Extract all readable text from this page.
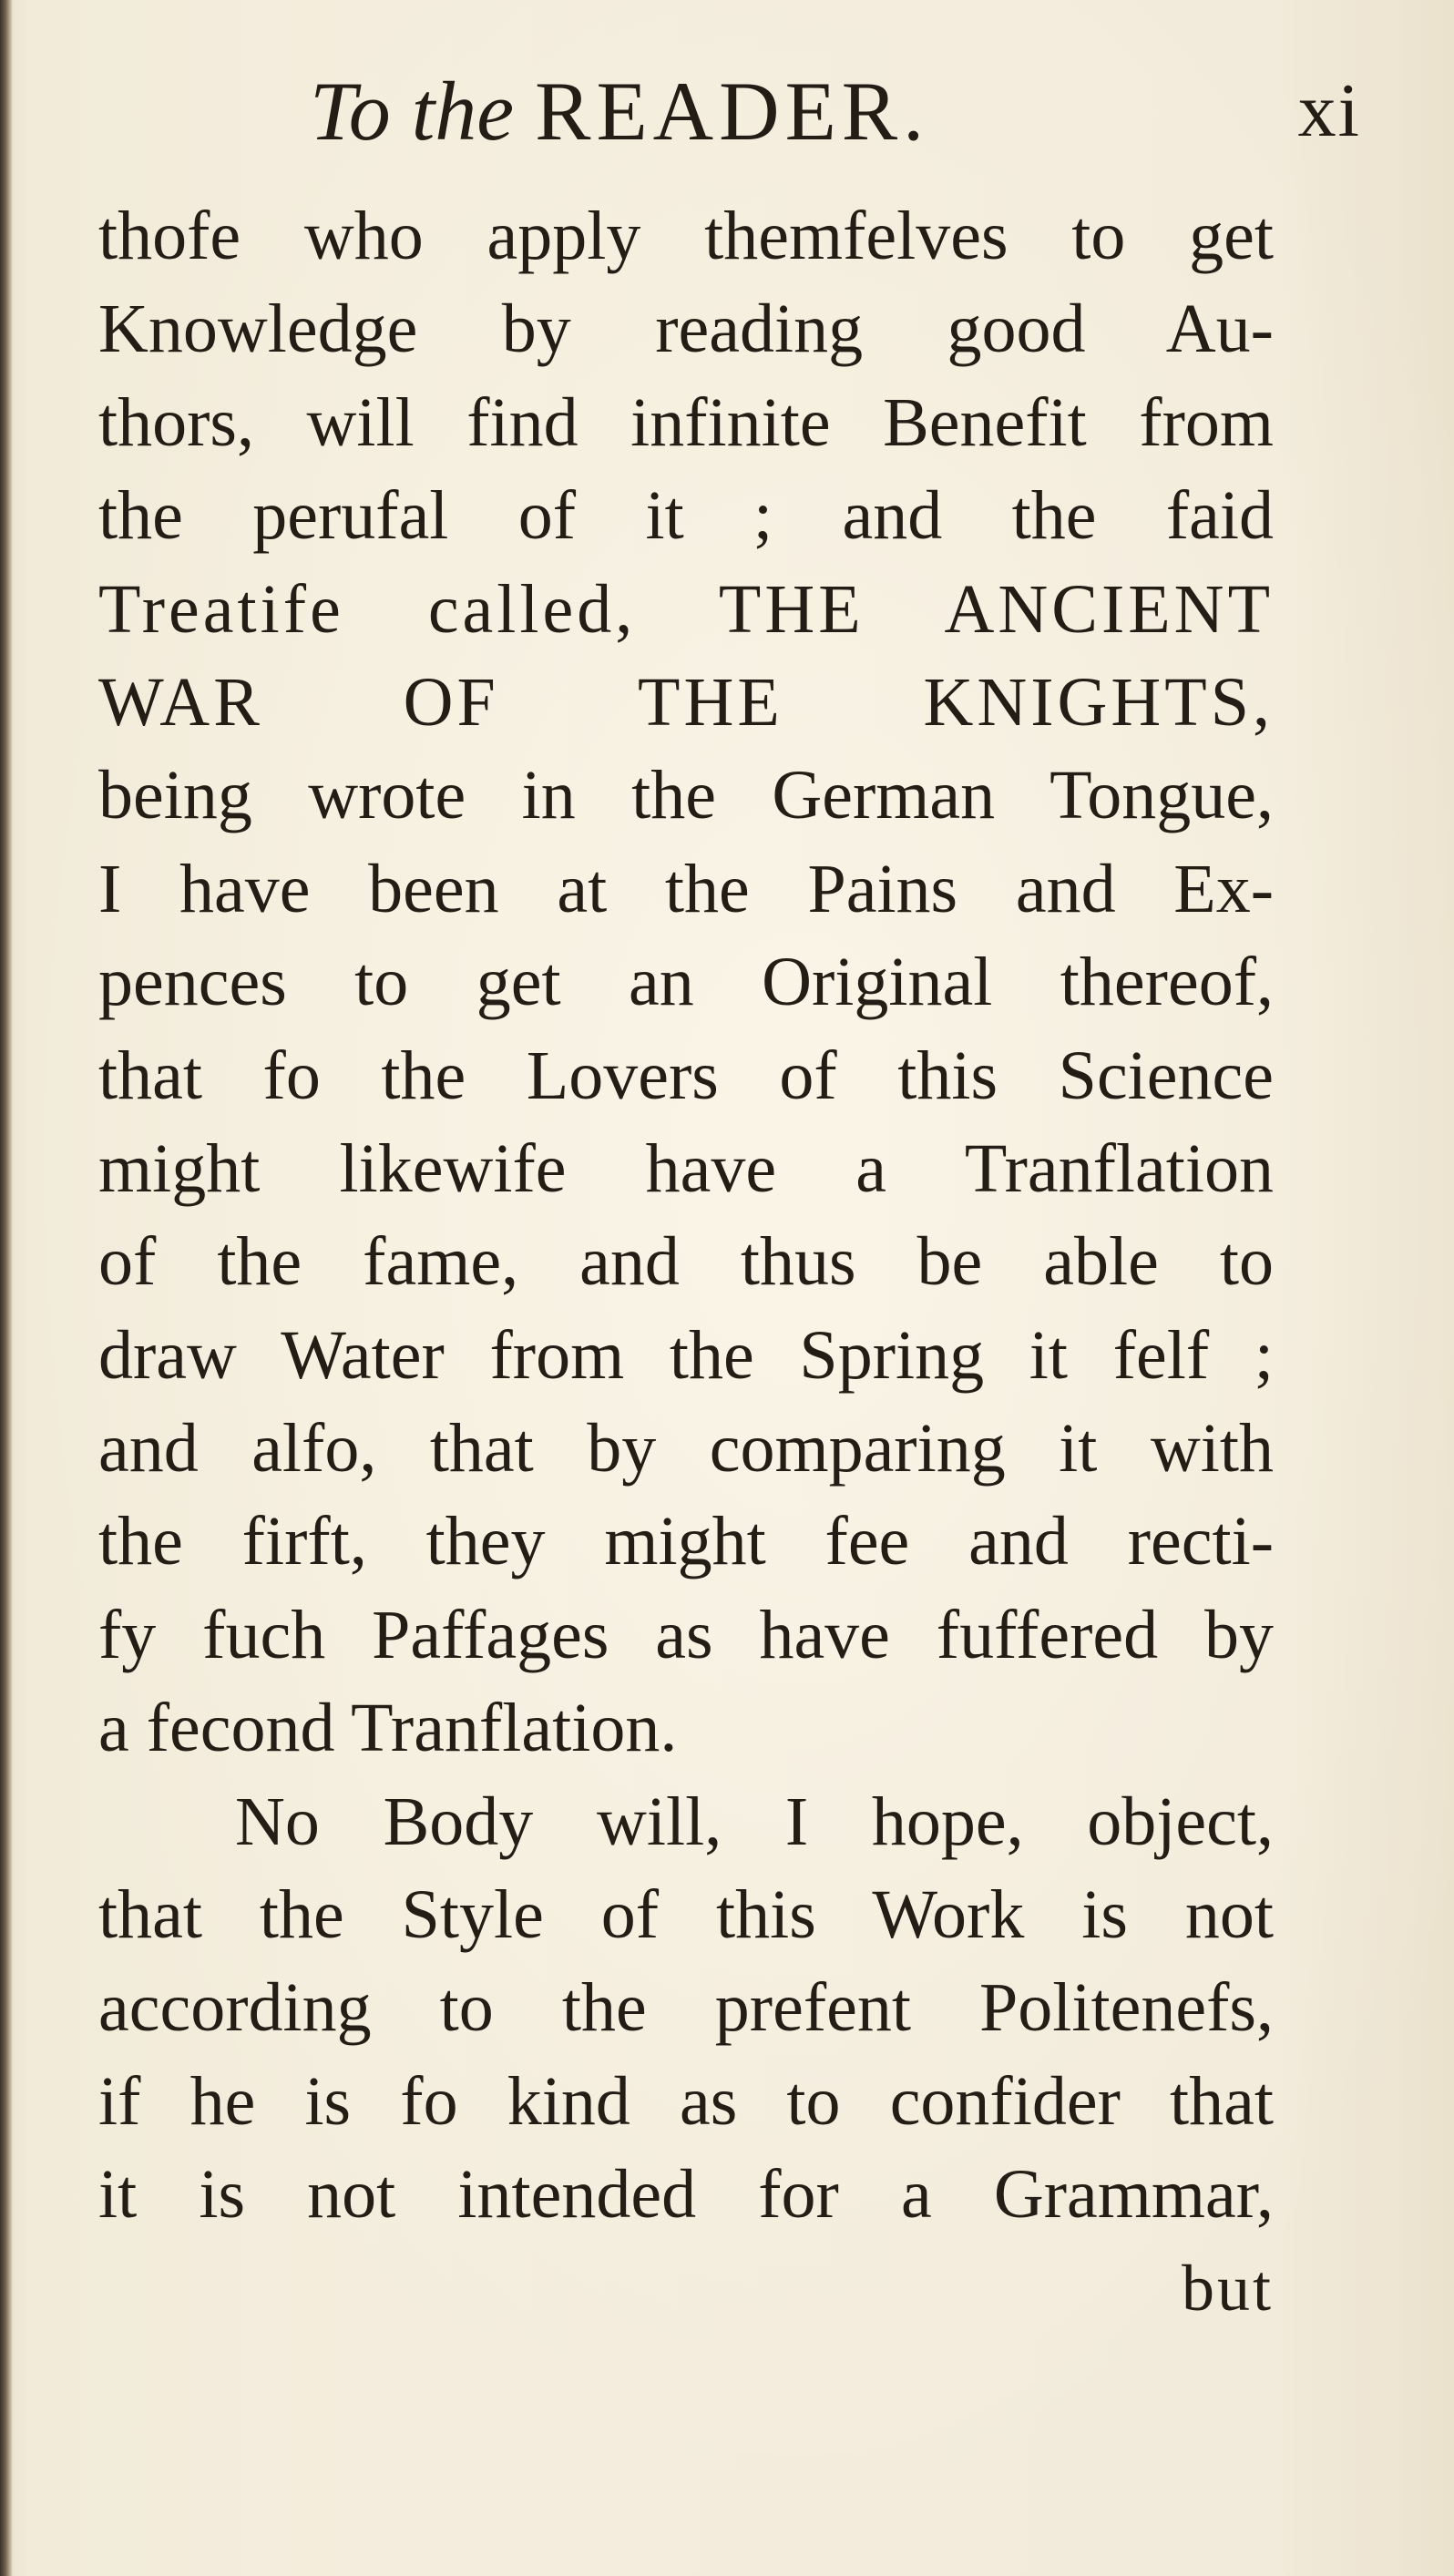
To the READER.	xi
thofe who apply themfelves to get
Knowledge by reading good Au-
thors, will find infinite Benefit from
the perufal of it ; and the faid
Treatife called, THE ANCIENT
WAR OF THE KNIGHTS,
being wrote in the German Tongue,
I have been at the Pains and Ex-
pences to get an Original thereof,
that fo the Lovers of this Science
might likewife have a Tranflation
of the fame, and thus be able to
draw Water from the Spring it felf ;
and alfo, that by comparing it with
the firft, they might fee and recti-
fy fuch Paffages as have fuffered by
a fecond Tranflation.
No Body will, I hope, object,
that the Style of this Work is not
according to the prefent Politenefs,
if he is fo kind as to confider that
it is not intended for a Grammar,
but
